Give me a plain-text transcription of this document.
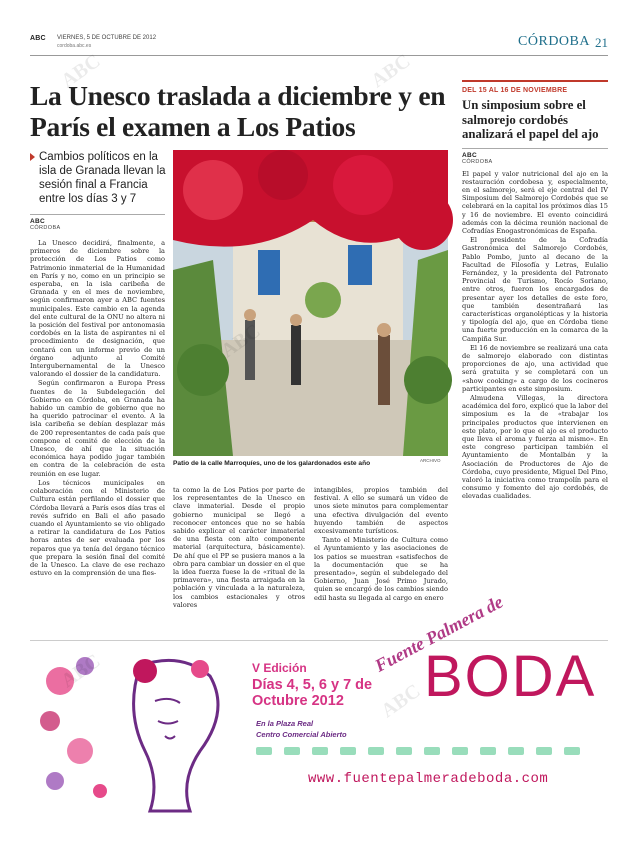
ABC VIERNES, 5 DE OCTUBRE DE 2012
cordoba.abc.es	CÓRDOBA 21
La Unesco traslada a diciembre y en París el examen a Los Patios
Cambios políticos en la isla de Granada llevan la sesión final a Francia entre los días 3 y 7
ABC
CÓRDOBA

La Unesco decidirá, finalmente, a primeros de diciembre sobre la protección de Los Patios como Patrimonio inmaterial de la Humanidad en París y no, como en un principio se esperaba, en la isla caribeña de Granada y en el mes de noviembre, según confirmaron ayer a ABC fuentes municipales. Este cambio en la agenda del ente cultural de la ONU no altera ni la posición del festival por antonomasia cordobés en la lista de aspirantes ni el procedimiento de designación, que contará con un informe previo de un órgano adjunto al Comité Intergubernamental de la Unesco valorando el dossier de la candidatura.

Según confirmaron a Europa Press fuentes de la Subdelegación del Gobierno en Córdoba, en Granada ha habido un cambio de gobierno que no ha querido patrocinar el evento. A la isla caribeña se debían desplazar más de 200 representantes de cada país que compone el comité de elección de la Unesco, de ahí que la situación económica haya podido jugar también en contra de la celebración de esta reunión en ese lugar.

Los técnicos municipales en colaboración con el Ministerio de Cultura están perfilando el dossier que Córdoba llevará a París esos días tras el revés sufrido en Bali el año pasado cuando el Ayuntamiento se vio obligado a retirar la candidatura de Los Patios horas antes de ser evaluada por los reparos que ya tenía del órgano técnico que prepara la sesión final del comité de la Unesco. La clave de ese rechazo estuvo en la comprensión de una fies-

Patio de la calle Marroquíes, uno de los galardonados este año	ARCHIVO

ta como la de Los Patios por parte de los representantes de la Unesco en clave inmaterial. Desde el propio gobierno municipal se llegó a reconocer entonces que no se había sabido explicar el carácter inmaterial de una fiesta con alto componente material (arquitectura, básicamente). De ahí que el PP se pusiera manos a la obra para cambiar un dossier en el que la idea fuerza fuese la de «ritual de la primavera», una fiesta arraigada en la población y vinculada a la naturaleza, los cambios estacionales y otros valores

intangibles, propios también del festival. A ello se sumará un vídeo de unos siete minutos para complementar una efectiva divulgación del evento huyendo también de aspectos excesivamente turísticos.

Tanto el Ministerio de Cultura como el Ayuntamiento y las asociaciones de los patios se muestran «satisfechos de la documentación que se ha presentado», según el subdelegado del Gobierno, Juan José Primo Jurado, quien se encargó de los cambios siendo edil hasta su llegada al cargo en enero

DEL 15 AL 16 DE NOVIEMBRE
Un simposium sobre el salmorejo cordobés analizará el papel del ajo
ABC
CÓRDOBA

El papel y valor nutricional del ajo en la restauración cordobesa y, especialmente, en el salmorejo, será el eje central del IV Simposium del Salmorejo Cordobés que se celebrará en la capital los próximos días 15 y 16 de noviembre. El evento coincidirá además con la décima reunión nacional de Cofradías Enogastronómicas de España.

El presidente de la Cofradía Gastronómica del Salmorejo Cordobés, Pablo Pombo, junto al decano de la Facultad de Filosofía y Letras, Eulalio Fernández, y la presidenta del Patronato Provincial de Turismo, Rocío Soriano, entre otros, fueron los encargados de presentar ayer los detalles de este foro, que también desentrañará las características organolépticas y la historia y tipología del ajo, que en Córdoba tiene una fuerte producción en la comarca de la Campiña Sur.

El 16 de noviembre se realizará una cata de salmorejo elaborado con distintas proporciones de ajo, una actividad que será gratuita y se completará con un «show cooking» a cargo de los cocineros participantes en este simposium.

Almudena Villegas, la directora académica del foro, explicó que la labor del simposium es la de «trabajar los principales productos que intervienen en este plato, por lo que el ajo es el producto que lleva el aroma y fuerza al mismo». En este congreso participan también el Ayuntamiento de Montalbán y la Asociación de Productores de Ajo de Córdoba, cuyo presidente, Miguel Del Pino, valoró la iniciativa como trampolín para el consumo y fomento del ajo cordobés, de elevadas cualidades.

V Edición
Días 4, 5, 6 y 7 de Octubre 2012
En la Plaza Real
Centro Comercial Abierto
Fuente Palmera de
BODA
www.fuentepalmeradeboda.com
ABC	ABC
